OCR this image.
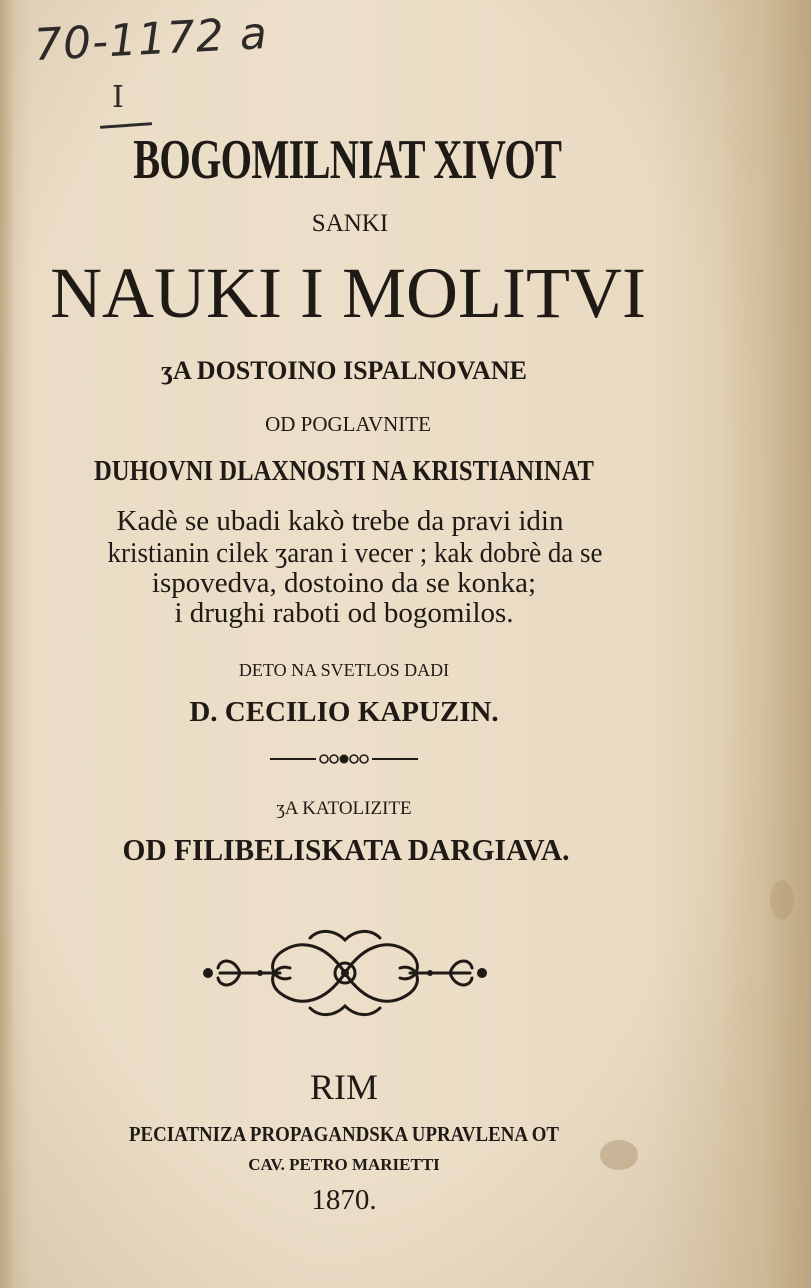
70-1172 a
I
BOGOMILNIAT XIVOT
SANKI
NAUKI I MOLITVI
ʒA DOSTOINO ISPALNOVANE
OD POGLAVNITE
DUHOVNI DLAXNOSTI NA KRISTIANINAT
Kadè se ubadi kakò trebe da pravi idin
kristianin cilek ʒaran i vecer ; kak dobrè da se
ispovedva, dostoino da se konka;
i drughi raboti od bogomilos.
DETO NA SVETLOS DADI
D. CECILIO KAPUZIN.
ʒA KATOLIZITE
OD FILIBELISKATA DARGIAVA.
RIM
PECIATNIZA PROPAGANDSKA UPRAVLENA OT
CAV. PETRO MARIETTI
1870.
